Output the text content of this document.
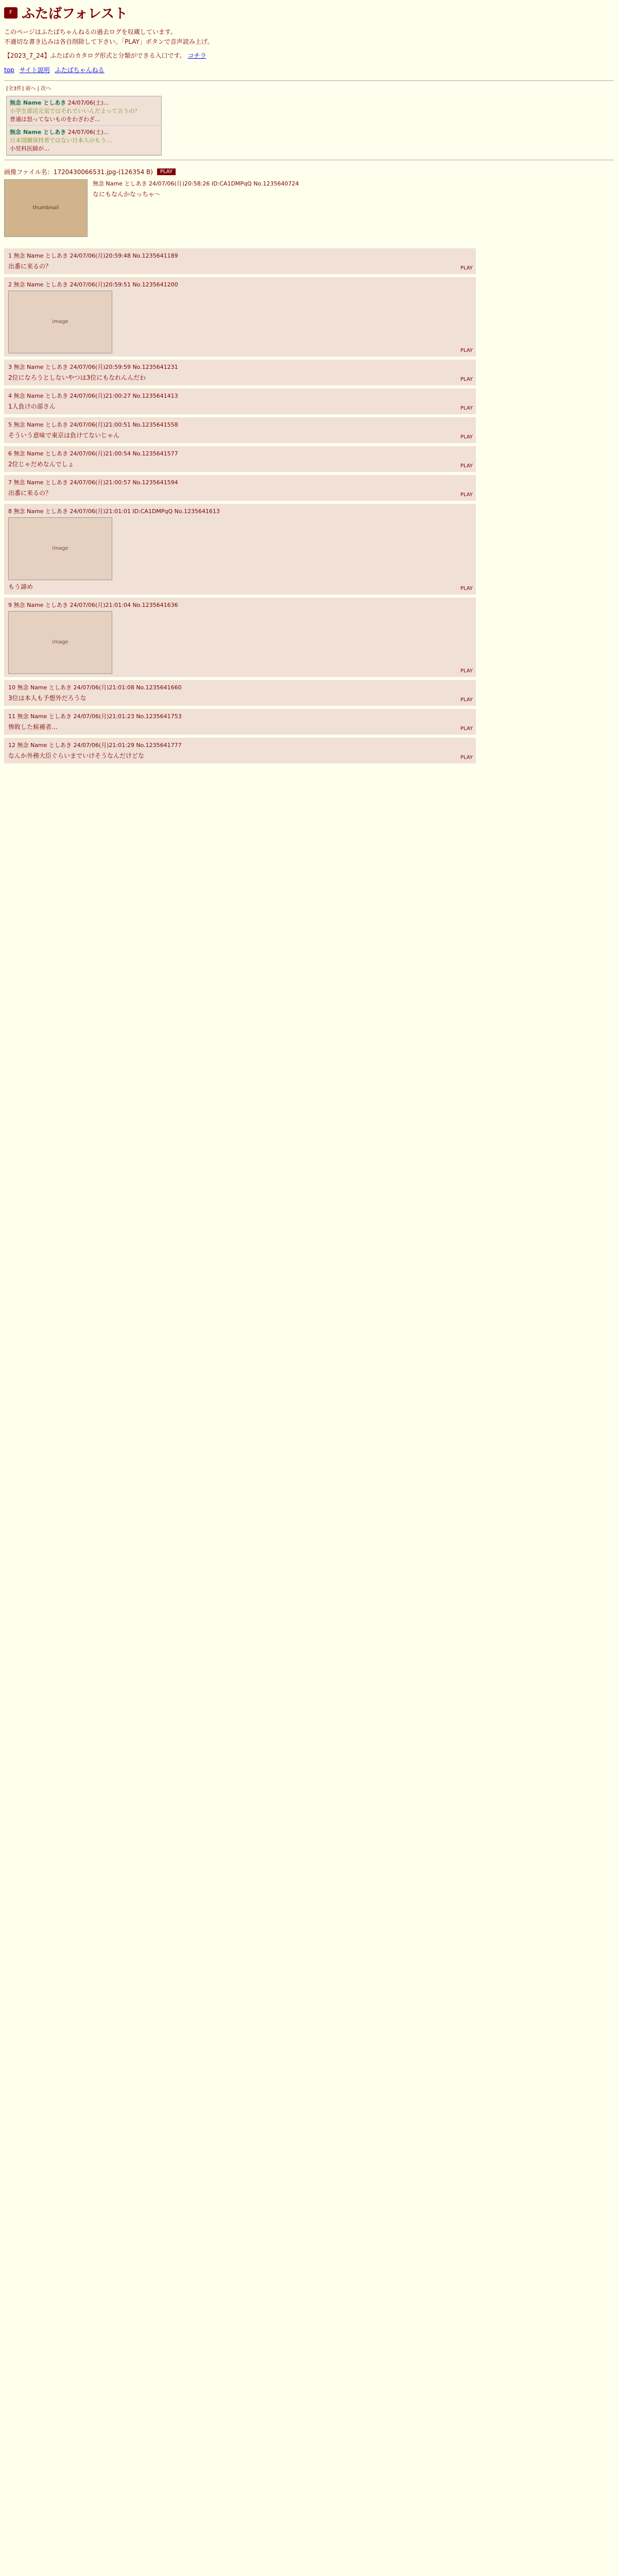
F ふたばフォレスト
このページはふたばちゃんねるの過去ログを収蔵しています。
不適切な書き込みは各自削除して下さい。「PLAY」ボタンで音声読み上げ。
【2023_7_24】ふたばのカタログ形式と分類ができる入口です。 コチラ
top サイト説明 ふたばちゃんねる
[全3件] 前へ | 次へ
無念 Name としあき 24/07/06(土)...
小学生部活元気ではそれでいいんだよって言うの？
普通は怒ってないものをわざわざ...
無念 Name としあき 24/07/06(土)...
日本国籍保持者ではない日本人のもう…
小児科医師が…
画像ファイル名：1720430066531.jpg-(126354 B)	PLAY
thumbnail
無念 Name としあき 24/07/06(月)20:58:26 ID:CA1DMPqQ No.1235640724
なにもなんかなっちゃ～
1 無念 Name としあき 24/07/06(月)20:59:48 No.1235641189
出番に来るの？	PLAY
2 無念 Name としあき 24/07/06(月)20:59:51 No.1235641200
image
PLAY
3 無念 Name としあき 24/07/06(月)20:59:59 No.1235641231
2位になろうとしないやつは3位にもなれんんだわ	PLAY
4 無念 Name としあき 24/07/06(月)21:00:27 No.1235641413
1人負けの部さん	PLAY
5 無念 Name としあき 24/07/06(月)21:00:51 No.1235641558
そういう意味で東京は負けてないじゃん	PLAY
6 無念 Name としあき 24/07/06(月)21:00:54 No.1235641577
2位じゃだめなんでしょ	PLAY
7 無念 Name としあき 24/07/06(月)21:00:57 No.1235641594
出番に来るの？	PLAY
8 無念 Name としあき 24/07/06(月)21:01:01 ID:CA1DMPqQ No.1235641613
image
もう諦め	PLAY
9 無念 Name としあき 24/07/06(月)21:01:04 No.1235641636
image
PLAY
10 無念 Name としあき 24/07/06(月)21:01:08 No.1235641660
3位は本人も予想外だろうな	PLAY
11 無念 Name としあき 24/07/06(月)21:01:23 No.1235641753
惨敗した候補者…	PLAY
12 無念 Name としあき 24/07/06(月)21:01:29 No.1235641777
なんか外務大臣ぐらいまでいけそうなんだけどな	PLAY
